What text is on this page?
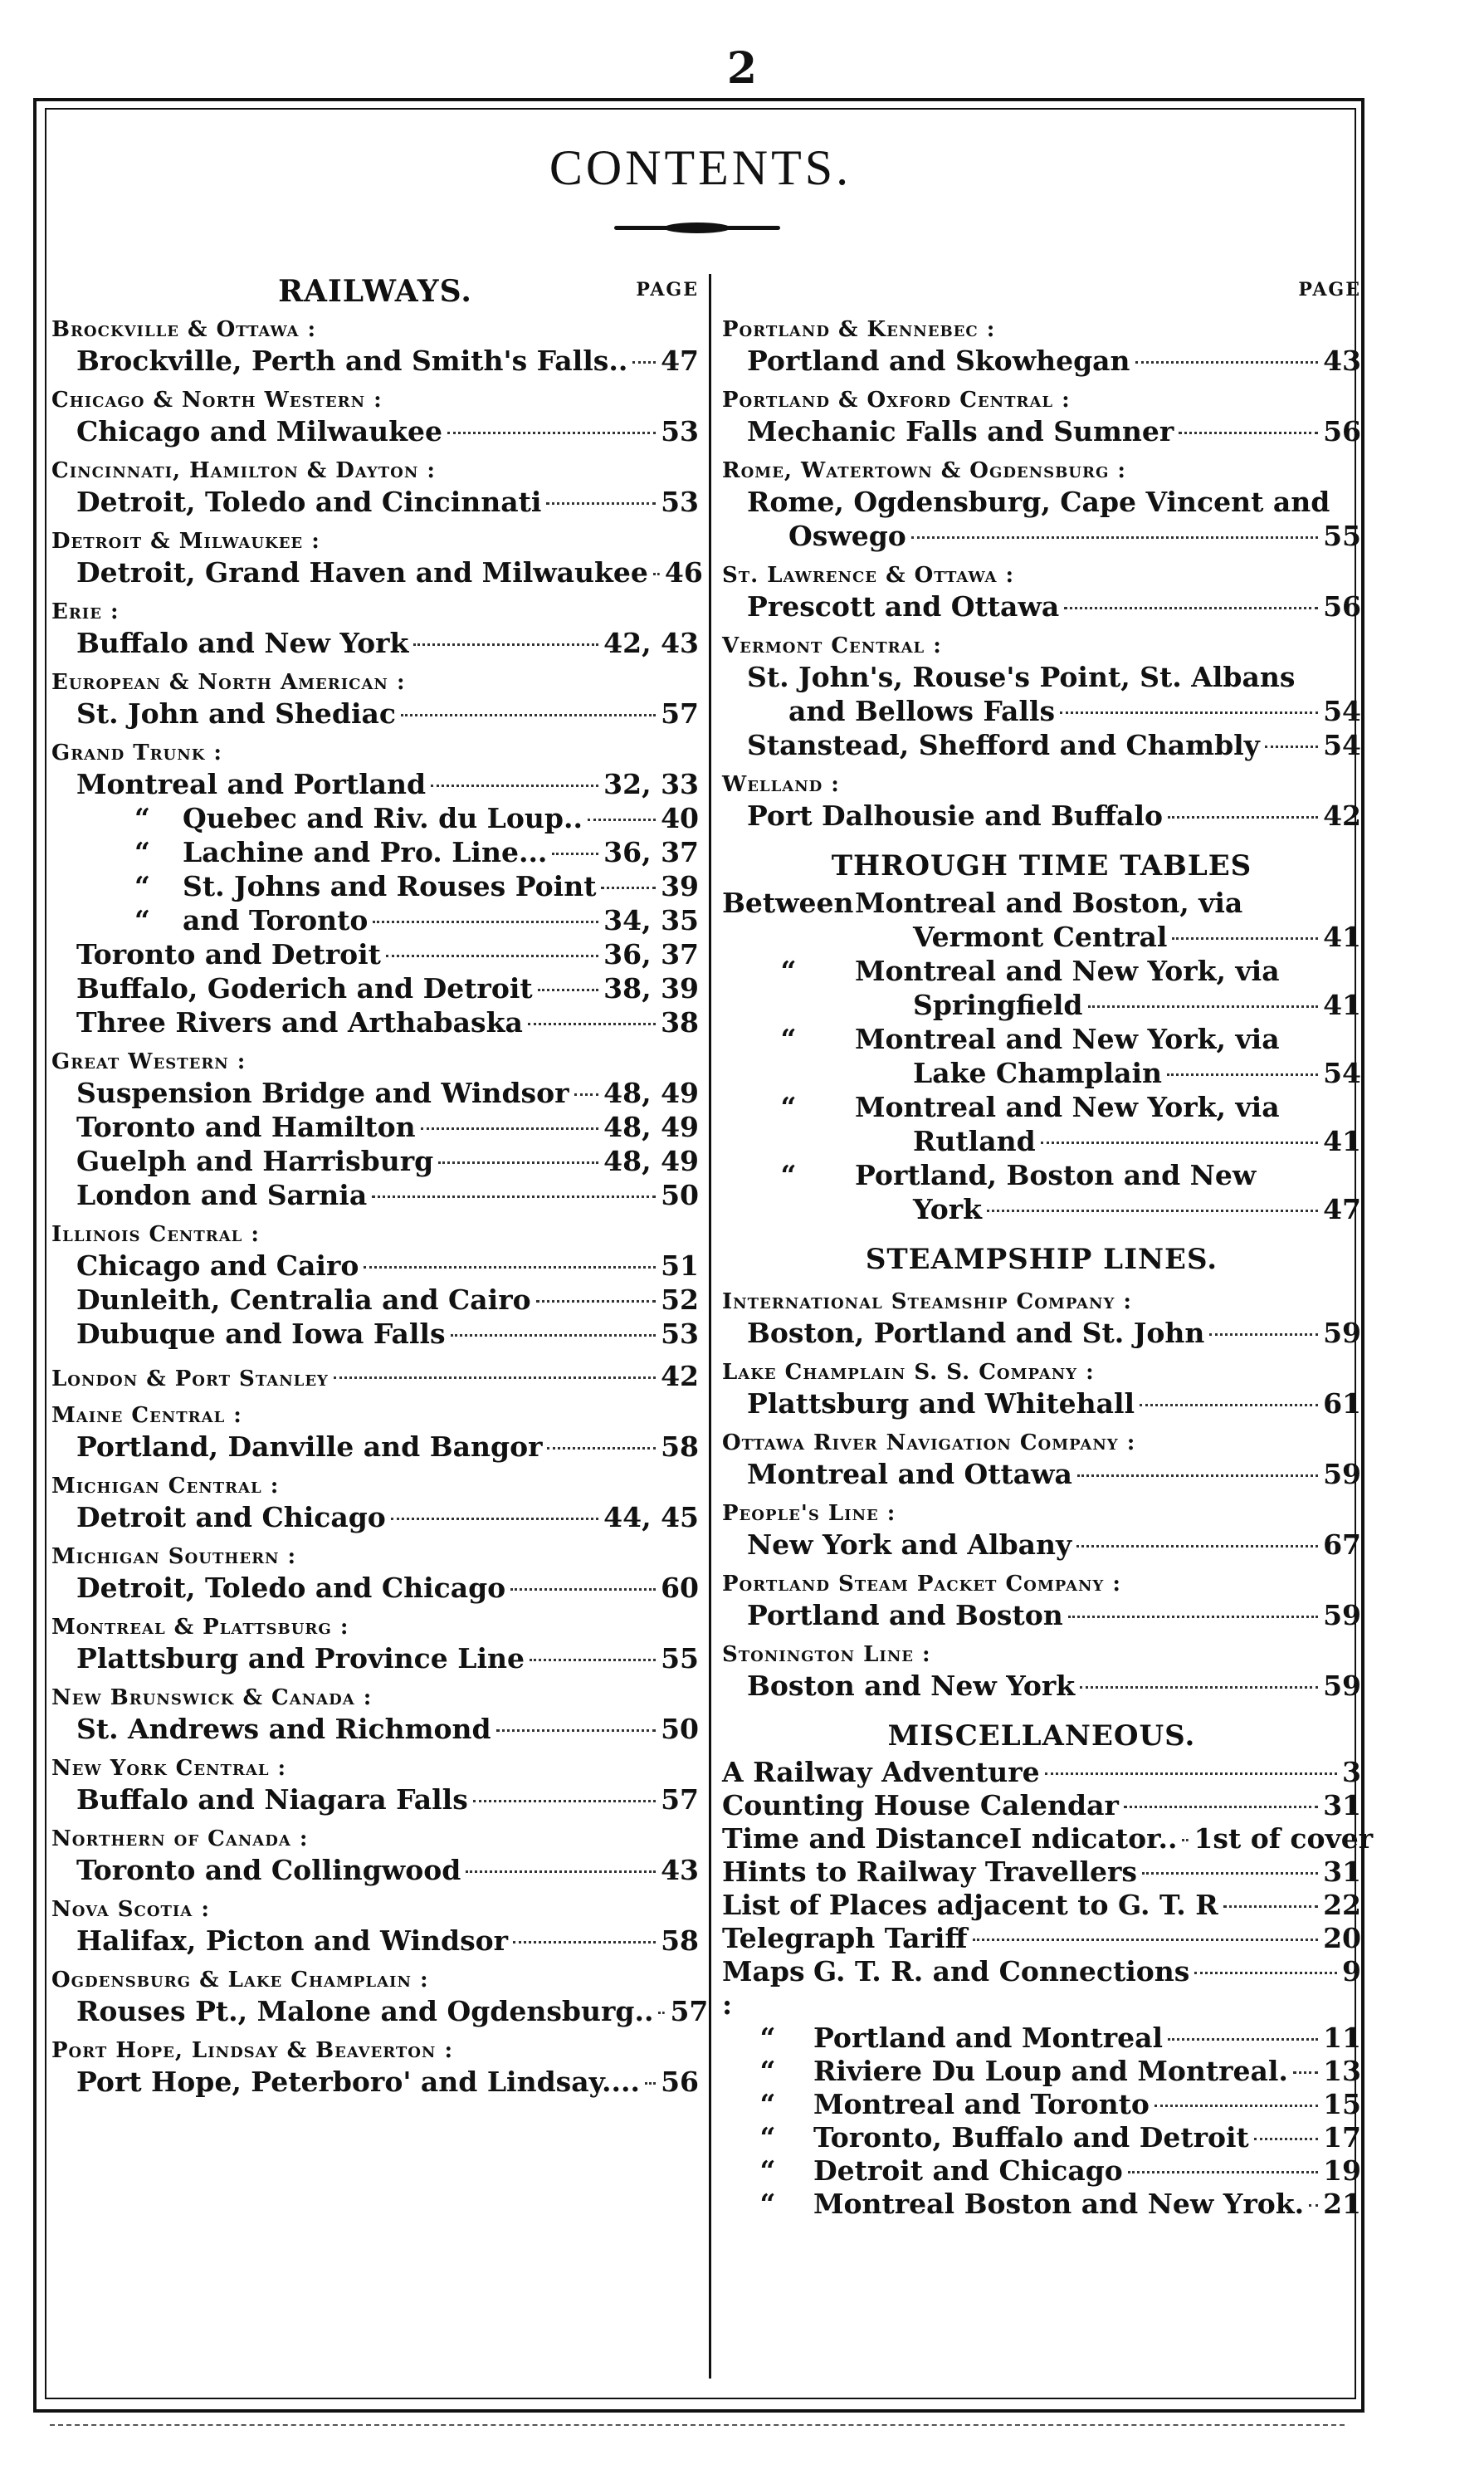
2
CONTENTS.
RAILWAYS.	PAGE
Brockville & Ottawa :
Brockville, Perth and Smith's Falls.. 47
Chicago & North Western :
Chicago and Milwaukee	53
Cincinnati, Hamilton & Dayton :
Detroit, Toledo and Cincinnati	53
Detroit & Milwaukee :
Detroit, Grand Haven and Milwaukee 46
Erie :
Buffalo and New York	42, 43
European & North American :
St. John and Shediac	57
Grand Trunk :
Montreal and Portland	32, 33
“	Quebec and Riv. du Loup..	40
“	Lachine and Pro. Line... 36, 37
“	St. Johns and Rouses Point 39
“	and Toronto	34, 35
Toronto and Detroit	36, 37
Buffalo, Goderich and Detroit	38, 39
Three Rivers and Arthabaska	38
Great Western :
Suspension Bridge and Windsor 48, 49
Toronto and Hamilton	48, 49
Guelph and Harrisburg	48, 49
London and Sarnia	50
Illinois Central :
Chicago and Cairo	51
Dunleith, Centralia and Cairo	52
Dubuque and Iowa Falls	53
London & Port Stanley	42
Maine Central :
Portland, Danville and Bangor	58
Michigan Central :
Detroit and Chicago	44, 45
Michigan Southern :
Detroit, Toledo and Chicago	60
Montreal & Plattsburg :
Plattsburg and Province Line	55
New Brunswick & Canada :
St. Andrews and Richmond	50
New York Central :
Buffalo and Niagara Falls	57
Northern of Canada :
Toronto and Collingwood	43
Nova Scotia :
Halifax, Picton and Windsor	58
Ogdensburg & Lake Champlain :
Rouses Pt., Malone and Ogdensburg.. 57
Port Hope, Lindsay & Beaverton :
Port Hope, Peterboro' and Lindsay.... 56
PAGE
Portland & Kennebec :
Portland and Skowhegan	43
Portland & Oxford Central :
Mechanic Falls and Sumner	56
Rome, Watertown & Ogdensburg :
Rome, Ogdensburg, Cape Vincent and
Oswego	55
St. Lawrence & Ottawa :
Prescott and Ottawa	56
Vermont Central :
St. John's, Rouse's Point, St. Albans
and Bellows Falls	54
Stanstead, Shefford and Chambly 54
Welland :
Port Dalhousie and Buffalo	42
THROUGH TIME TABLES
Between Montreal and Boston, via
Vermont Central	41
“	Montreal and New York, via
Springfield	41
“	Montreal and New York, via
Lake Champlain	54
“	Montreal and New York, via
Rutland	41
“	Portland, Boston and New
York	47
STEAMPSHIP LINES.
International Steamship Company :
Boston, Portland and St. John	59
Lake Champlain S. S. Company :
Plattsburg and Whitehall	61
Ottawa River Navigation Company :
Montreal and Ottawa	59
People's Line :
New York and Albany	67
Portland Steam Packet Company :
Portland and Boston	59
Stonington Line :
Boston and New York	59
MISCELLANEOUS.
A Railway Adventure	3
Counting House Calendar	31
Time and DistanceI ndicator.. 1st of cover
Hints to Railway Travellers	31
List of Places adjacent to G. T. R	22
Telegraph Tariff	20
Maps :
G. T. R. and Connections	9
“	Portland and Montreal	11
“	Riviere Du Loup and Montreal. 13
“	Montreal and Toronto	15
“	Toronto, Buffalo and Detroit	17
“	Detroit and Chicago	19
“	Montreal Boston and New Yrok. 21
